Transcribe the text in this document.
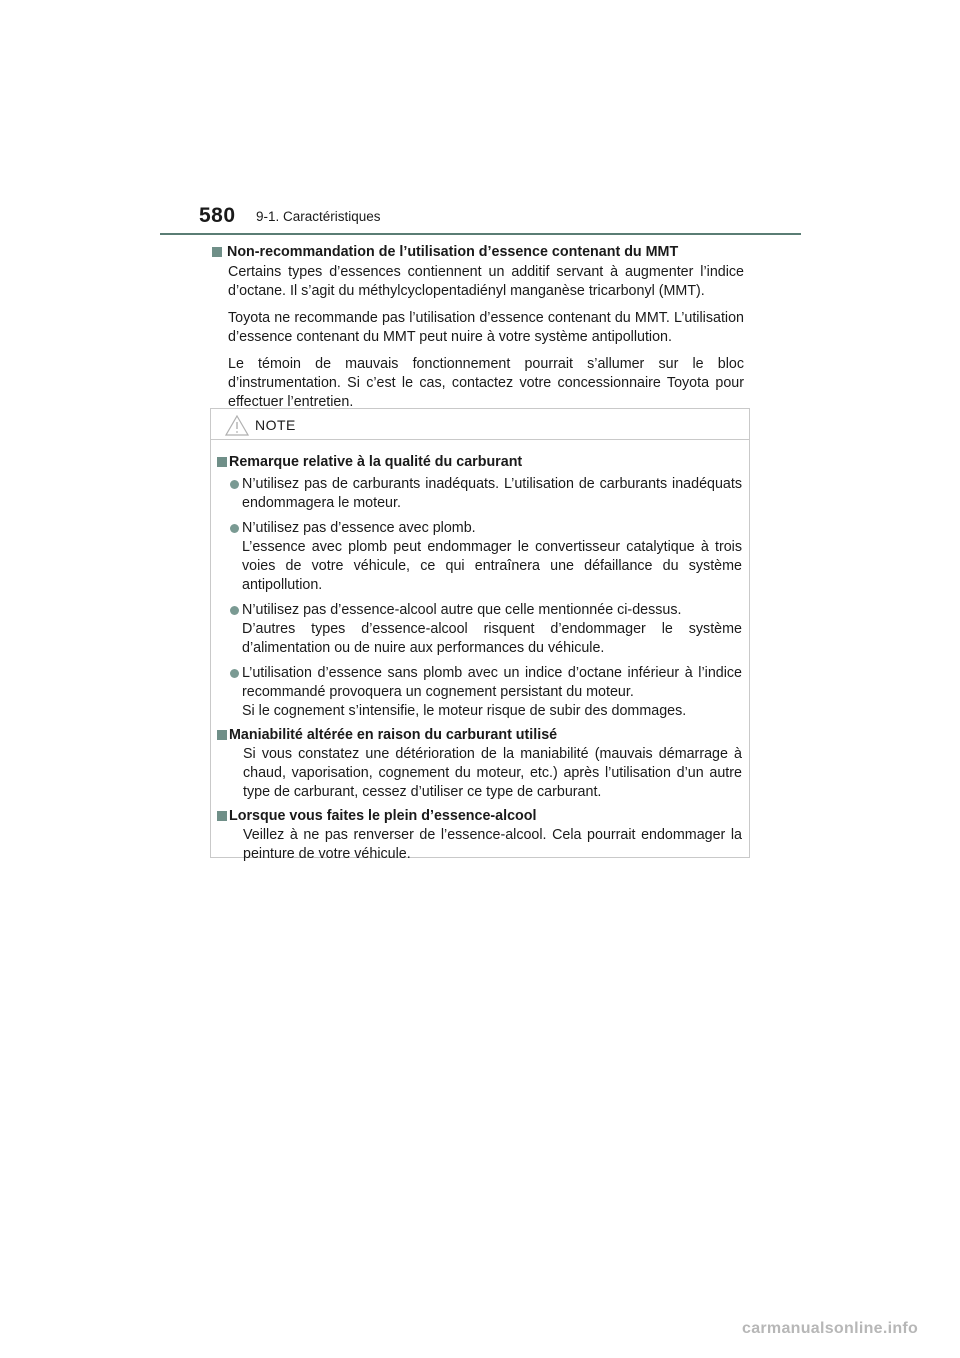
580 9-1. Caractéristiques
Non-recommandation de l’utilisation d’essence contenant du MMT
Certains types d’essences contiennent un additif servant à augmenter l’indice d’octane. Il s’agit du méthylcyclopentadiényl manganèse tricarbonyl (MMT).
Toyota ne recommande pas l’utilisation d’essence contenant du MMT. L’utilisation d’essence contenant du MMT peut nuire à votre système antipollution.
Le témoin de mauvais fonctionnement pourrait s’allumer sur le bloc d’instrumentation. Si c’est le cas, contactez votre concessionnaire Toyota pour effectuer l’entretien.
NOTE
Remarque relative à la qualité du carburant
N’utilisez pas de carburants inadéquats. L’utilisation de carburants inadéquats endommagera le moteur.
N’utilisez pas d’essence avec plomb.
L’essence avec plomb peut endommager le convertisseur catalytique à trois voies de votre véhicule, ce qui entraînera une défaillance du système antipollution.
N’utilisez pas d’essence-alcool autre que celle mentionnée ci-dessus.
D’autres types d’essence-alcool risquent d’endommager le système d’alimentation ou de nuire aux performances du véhicule.
L’utilisation d’essence sans plomb avec un indice d’octane inférieur à l’indice recommandé provoquera un cognement persistant du moteur.
Si le cognement s’intensifie, le moteur risque de subir des dommages.
Maniabilité altérée en raison du carburant utilisé
Si vous constatez une détérioration de la maniabilité (mauvais démarrage à chaud, vaporisation, cognement du moteur, etc.) après l’utilisation d’un autre type de carburant, cessez d’utiliser ce type de carburant.
Lorsque vous faites le plein d’essence-alcool
Veillez à ne pas renverser de l’essence-alcool. Cela pourrait endommager la peinture de votre véhicule.
carmanualsonline.info
